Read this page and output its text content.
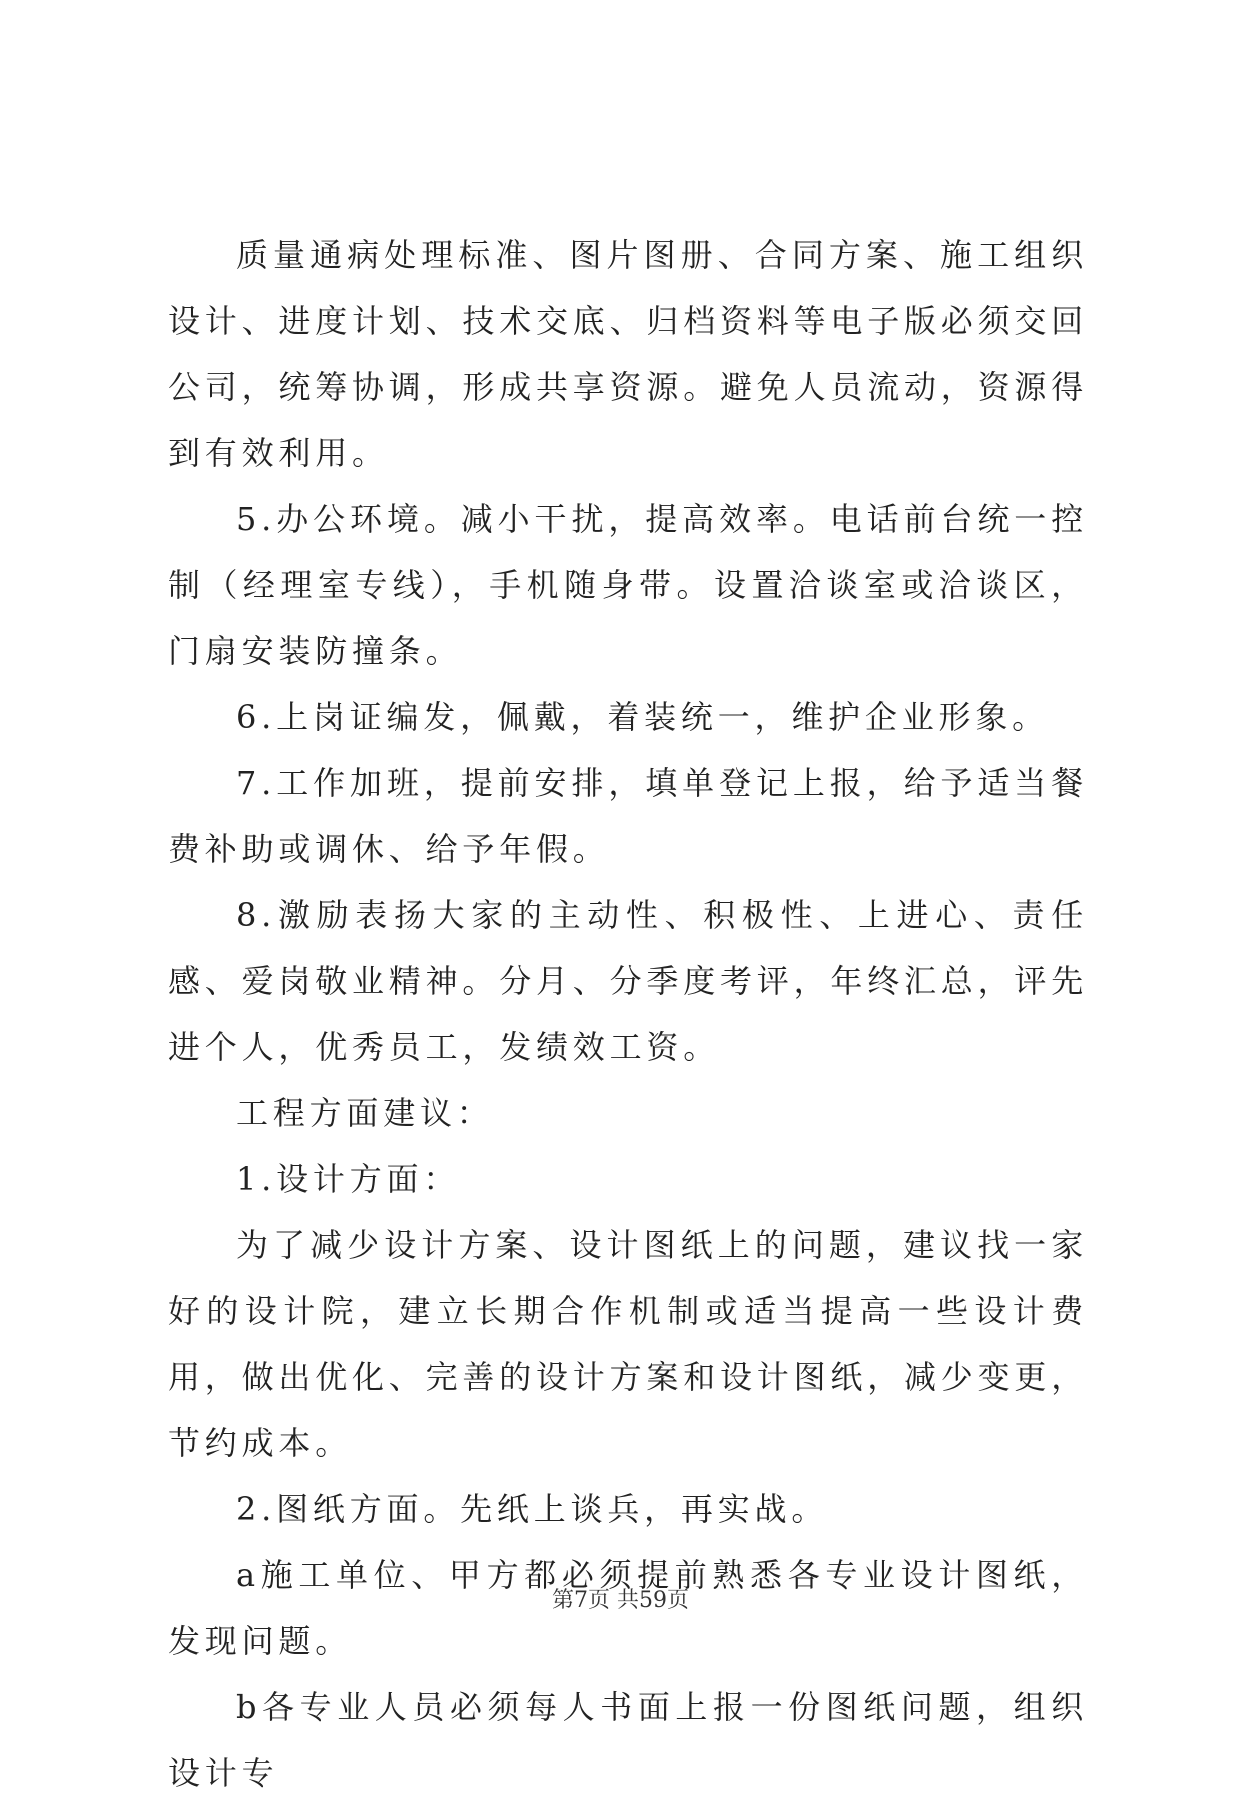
质量通病处理标准、图片图册、合同方案、施工组织设计、进度计划、技术交底、归档资料等电子版必须交回公司，统筹协调，形成共享资源。避免人员流动，资源得到有效利用。

5.办公环境。减小干扰，提高效率。电话前台统一控制（经理室专线），手机随身带。设置洽谈室或洽谈区，门扇安装防撞条。

6.上岗证编发，佩戴，着装统一，维护企业形象。

7.工作加班，提前安排，填单登记上报，给予适当餐费补助或调休、给予年假。

8.激励表扬大家的主动性、积极性、上进心、责任感、爱岗敬业精神。分月、分季度考评，年终汇总，评先进个人，优秀员工，发绩效工资。

工程方面建议：

1.设计方面：

为了减少设计方案、设计图纸上的问题，建议找一家好的设计院，建立长期合作机制或适当提高一些设计费用，做出优化、完善的设计方案和设计图纸，减少变更，节约成本。

2.图纸方面。先纸上谈兵，再实战。

a施工单位、甲方都必须提前熟悉各专业设计图纸，发现问题。

b各专业人员必须每人书面上报一份图纸问题，组织设计专

第7页 共59页
